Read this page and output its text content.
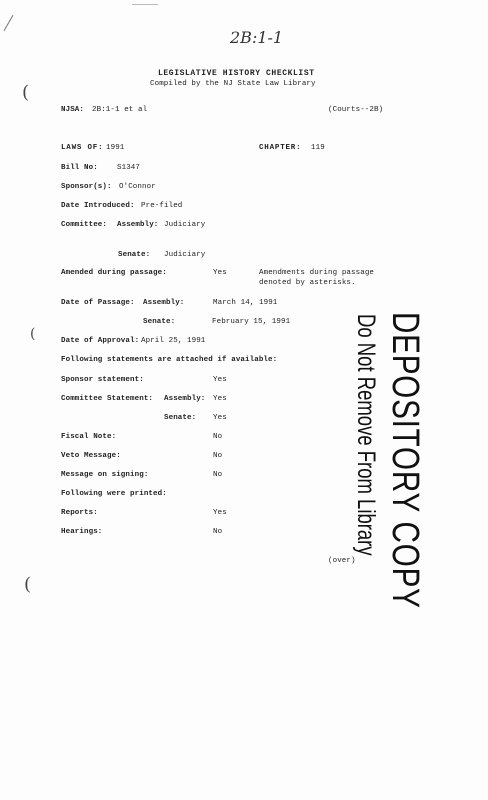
(
(
(
2B:1-1
LEGISLATIVE HISTORY CHECKLIST
Compiled by the NJ State Law Library
NJSA: 2B:1-1 et al	(Courts--2B)
LAWS OF: 1991	CHAPTER: 119
Bill No:	S1347
Sponsor(s): O'Connor
Date Introduced: Pre-filed
Committee: Assembly: Judiciary
Senate: Judiciary
Amended during passage:	Yes	Amendments during passage
denoted by asterisks.
Date of Passage: Assembly:	March 14, 1991
Senate:	February 15, 1991
Date of Approval: April 25, 1991
Following statements are attached if available:
Sponsor statement:	Yes
Committee Statement: Assembly: Yes
Senate: Yes
Fiscal Note:	No
Veto Message:	No
Message on signing:	No
Following were printed:
Reports:	Yes
Hearings:	No
(over) DEPOSITORY COPY
Do Not Remove From Library
